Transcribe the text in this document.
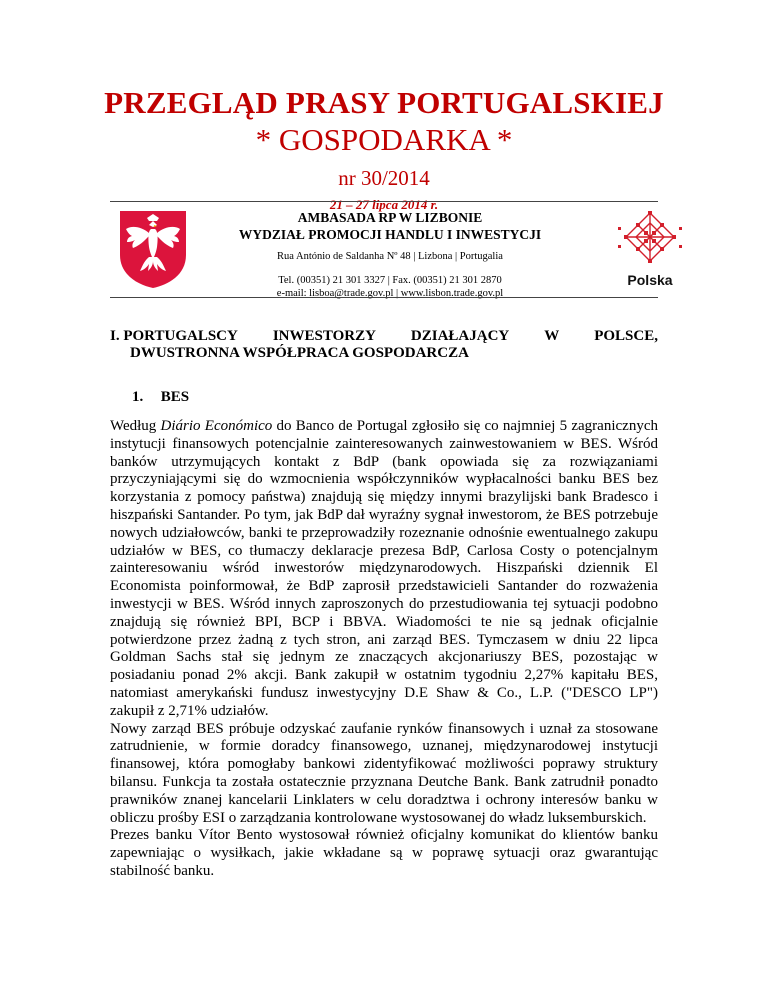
PRZEGLĄD PRASY PORTUGALSKIEJ
* GOSPODARKA *
nr 30/2014
21 – 27 lipca 2014 r.
AMBASADA RP W LIZBONIE
WYDZIAŁ PROMOCJI HANDLU I INWESTYCJI
Rua António de Saldanha Nº 48 | Lizbona | Portugalia
Tel. (00351) 21 301 3327 | Fax. (00351) 21 301 2870
e-mail: lisboa@trade.gov.pl | www.lisbon.trade.gov.pl
Polska
I. PORTUGALSCY INWESTORZY DZIAŁAJĄCY W POLSCE,
DWUSTRONNA WSPÓŁPRACA GOSPODARCZA
1. BES

Według Diário Económico do Banco de Portugal zgłosiło się co najmniej 5 zagranicznych instytucji finansowych potencjalnie zainteresowanych zainwestowaniem w BES. Wśród banków utrzymujących kontakt z BdP (bank opowiada się za rozwiązaniami przyczyniającymi się do wzmocnienia współczynników wypłacalności banku BES bez korzystania z pomocy państwa) znajdują się między innymi brazylijski bank Bradesco i hiszpański Santander. Po tym, jak BdP dał wyraźny sygnał inwestorom, że BES potrzebuje nowych udziałowców, banki te przeprowadziły rozeznanie odnośnie ewentualnego zakupu udziałów w BES, co tłumaczy deklaracje prezesa BdP, Carlosa Costy o potencjalnym zainteresowaniu wśród inwestorów międzynarodowych. Hiszpański dziennik El Economista poinformował, że BdP zaprosił przedstawicieli Santander do rozważenia inwestycji w BES. Wśród innych zaproszonych do przestudiowania tej sytuacji podobno znajdują się również BPI, BCP i BBVA. Wiadomości te nie są jednak oficjalnie potwierdzone przez żadną z tych stron, ani zarząd BES. Tymczasem w dniu 22 lipca Goldman Sachs stał się jednym ze znaczących akcjonariuszy BES, pozostając w posiadaniu ponad 2% akcji. Bank zakupił w ostatnim tygodniu 2,27% kapitału BES, natomiast amerykański fundusz inwestycyjny D.E Shaw & Co., L.P. ("DESCO LP") zakupił z 2,71% udziałów.

Nowy zarząd BES próbuje odzyskać zaufanie rynków finansowych i uznał za stosowane zatrudnienie, w formie doradcy finansowego, uznanej, międzynarodowej instytucji finansowej, która pomogłaby bankowi zidentyfikować możliwości poprawy struktury bilansu. Funkcja ta została ostatecznie przyznana Deutche Bank. Bank zatrudnił ponadto prawników znanej kancelarii Linklaters w celu doradztwa i ochrony interesów banku w obliczu prośby ESI o zarządzania kontrolowane wystosowanej do władz luksemburskich.

Prezes banku Vítor Bento wystosował również oficjalny komunikat do klientów banku zapewniając o wysiłkach, jakie wkładane są w poprawę sytuacji oraz gwarantując stabilność banku.
